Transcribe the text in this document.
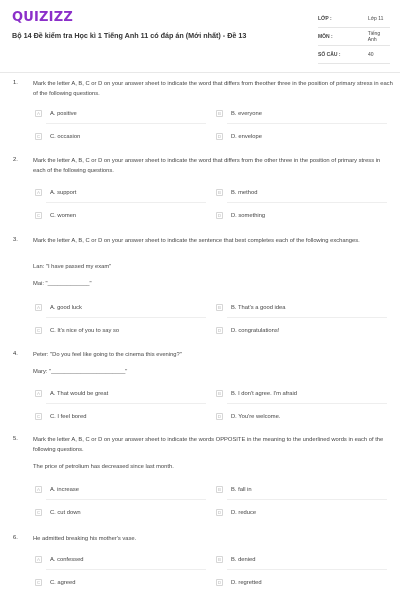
QUIZIZZ
Bộ 14 Đề kiểm tra Học kì 1 Tiếng Anh 11 có đáp án (Mới nhất) - Đề 13
LỚP :	Lớp 11
MÔN :	Tiếng Anh
SỐ CÂU :	40
1.	Mark the letter A, B, C or D on your answer sheet to indicate the word that differs from theother three in the position of primary stress in each of the following questions.
A	A. positive	B	B. everyone
C	C. occasion	D	D. envelope
2.	Mark the letter A, B, C or D on your answer sheet to indicate the word that differs from the other three in the position of primary stress in each of the following questions.
A	A. support	B	B. method
C	C. women	D	D. something
3.	Mark the letter A, B, C or D on your answer sheet to indicate the sentence that best completes each of the following exchanges.
Lan: "I have passed my exam"
Mai: "_____________"
A	A. good luck	B	B. That's a good idea
C	C. It's nice of you to say so	D	D. congratulations!
4.	Peter: "Do you feel like going to the cinema this evening?"
Mary: "_______________________"
A	A. That would be great	B	B. I don't agree. I'm afraid
C	C. I feel bored	D	D. You're welcome.
5.	Mark the letter A, B, C or D on your answer sheet to indicate the words OPPOSITE in the meaning to the underlined words in each of the following questions.
The price of petrolium has decreased since last month.
A	A. increase	B	B. fall in
C	C. cut down	D	D. reduce
6.	He admitted breaking his mother's vase.
A	A. confessed	B	B. denied
C	C. agreed	D	D. regretted
